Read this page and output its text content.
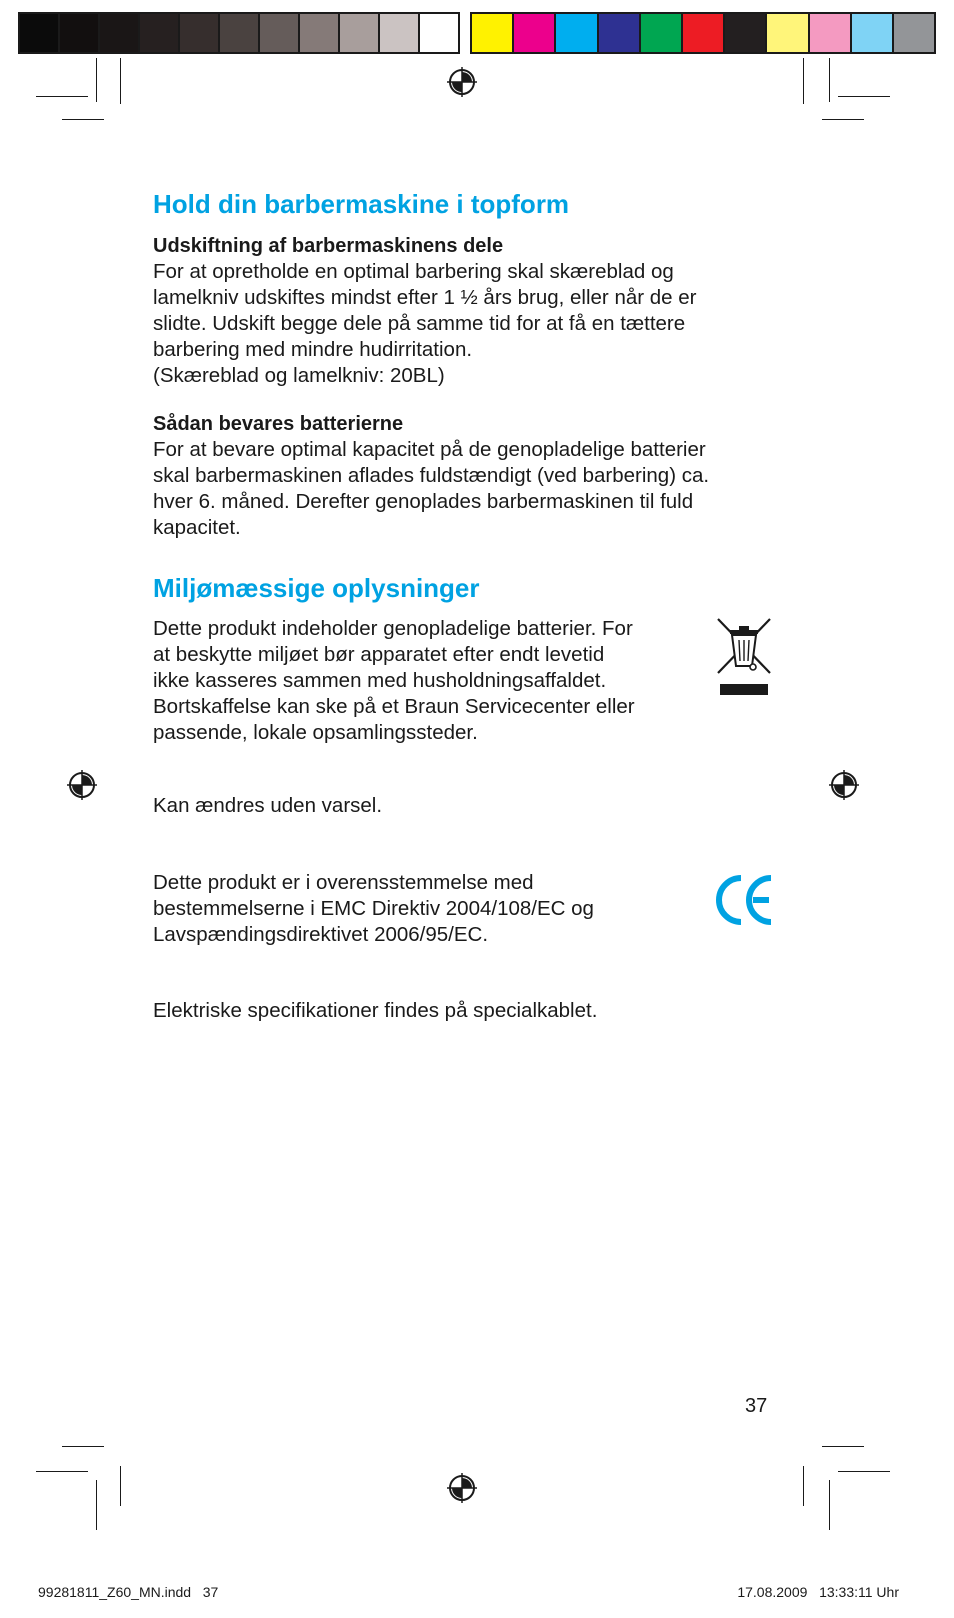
Hold din barbermaskine i topform
Udskiftning af barbermaskinens dele

For at opretholde en optimal barbering skal skæreblad og

lamelkniv udskiftes mindst efter 1 ½ års brug, eller når de er

slidte. Udskift begge dele på samme tid for at få en tættere

barbering med mindre hudirritation.

(Skæreblad og lamelkniv: 20BL)

Sådan bevares batterierne

For at bevare optimal kapacitet på de genopladelige batterier

skal barbermaskinen aflades fuldstændigt (ved barbering) ca.

hver 6. måned. Derefter genoplades barbermaskinen til fuld

kapacitet.

Miljømæssige oplysninger

Dette produkt indeholder genopladelige batterier. For

at beskytte miljøet bør apparatet efter endt levetid

ikke kasseres sammen med husholdningsaffaldet.

Bortskaffelse kan ske på et Braun Servicecenter eller

passende, lokale opsamlingssteder.

Kan ændres uden varsel.

Dette produkt er i overensstemmelse med

bestemmelserne i EMC Direktiv 2004/108/EC og

Lavspændingsdirektivet 2006/95/EC.

Elektriske specifikationer findes på specialkablet.

37
99281811_Z60_MN.indd   37	17.08.2009   13:33:11 Uhr
